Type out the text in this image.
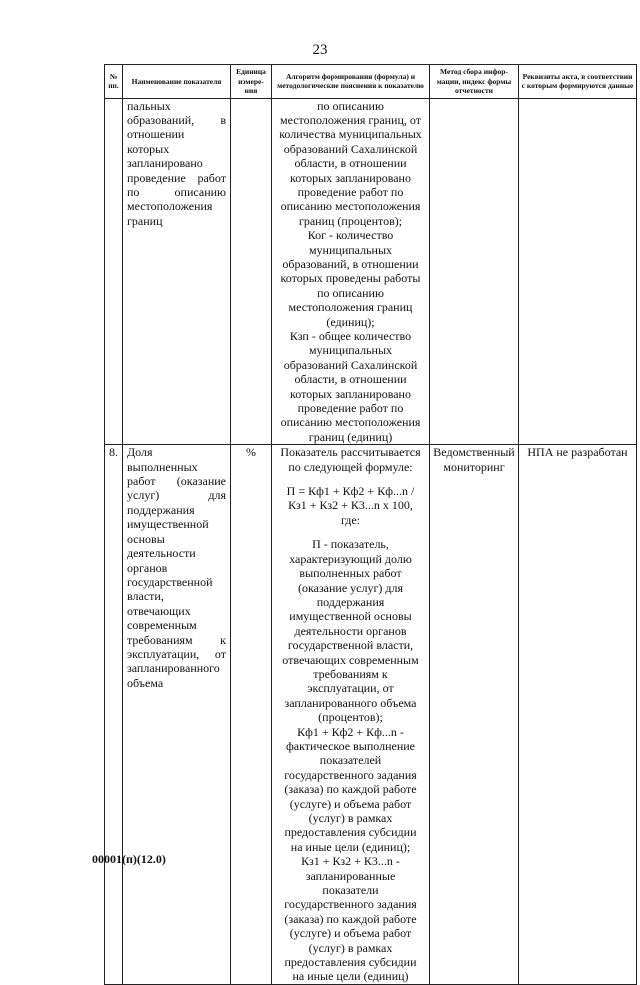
23
№ пп.	Наименование показателя	Единица измере-ния	Алгоритм формирования (формула) и методологические пояснения к показателю	Метод сбора инфор-мации, индекс формы отчетности	Реквизиты акта, в соответствии с которым формируются данные

	пальных образований, в отношении которых запланировано проведение работ по описанию местоположения границ		по описанию местоположения границ, от количества муниципальных образований Сахалинской области, в отношении которых запланировано проведение работ по описанию местоположения границ (процентов);
Ког - количество муниципальных образований, в отношении которых проведены работы по описанию местоположения границ (единиц);
Кзп - общее количество муниципальных образований Сахалинской области, в отношении которых запланировано проведение работ по описанию местоположения границ (единиц)		

8.	Доля выполненных работ (оказание услуг) для поддержания имущественной основы деятельности органов государственной власти, отвечающих современным требованиям к эксплуатации, от запланированного объема	%	Показатель рассчитывается по следующей формуле:
П = Кф1 + Кф2 + Кф...n / Кз1 + Кз2 + К3...n х 100, где:
П - показатель, характеризующий долю выполненных работ (оказание услуг) для поддержания имущественной основы деятельности органов государственной власти, отвечающих современным требованиям к эксплуатации, от запланированного объема (процентов);
Кф1 + Кф2 + Кф...n - фактическое выполнение показателей государственного задания (заказа) по каждой работе (услуге) и объема работ (услуг) в рамках предоставления субсидии на иные цели (единиц);
Кз1 + Кз2 + К3...n - запланированные показатели государственного задания (заказа) по каждой работе (услуге) и объема работ (услуг) в рамках предоставления субсидии на иные цели (единиц)	Ведомственный мониторинг	НПА не разработан
00001(п)(12.0)
